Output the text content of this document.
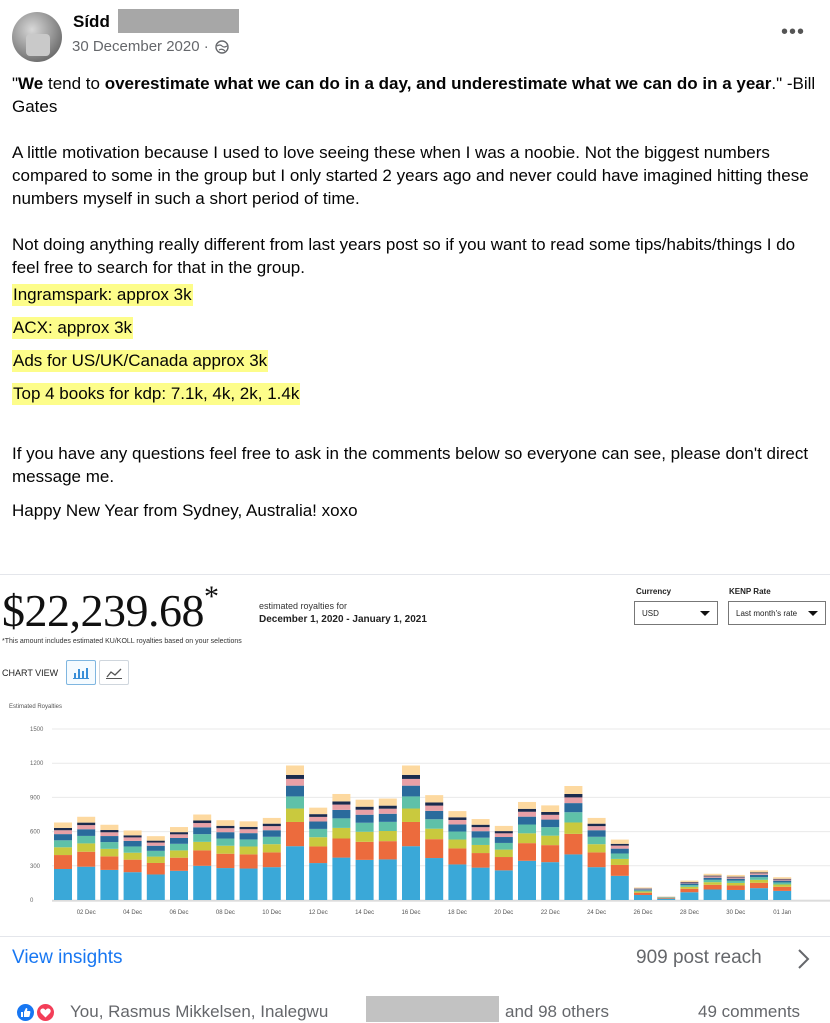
Sídd
30 December 2020 ·
•••
"We tend to overestimate what we can do in a day, and underestimate what we can do in a year." -Bill Gates
A little motivation because I used to love seeing these when I was a noobie. Not the biggest numbers compared to some in the group but I only started 2 years ago and never could have imagined hitting these numbers myself in such a short period of time.
Not doing anything really different from last years post so if you want to read some tips/habits/things I do feel free to search for that in the group.
Ingramspark: approx 3k
ACX: approx 3k
Ads for US/UK/Canada approx 3k
Top 4 books for kdp: 7.1k, 4k, 2k, 1.4k
If you have any questions feel free to ask in the comments below so everyone can see, please don't direct message me.
Happy New Year from Sydney, Australia! xoxo
$22,239.68*	estimated royalties for
December 1, 2020 - January 1, 2021
*This amount includes estimated KU/KOLL royalties based on your selections
Currency
USD
KENP Rate
Last month's rate
CHART VIEW
Estimated Royalties
0
300
600
900
1200
1500
02 Dec	04 Dec	06 Dec	08 Dec	10 Dec	12 Dec	14 Dec	16 Dec	18 Dec	20 Dec	22 Dec	24 Dec	26 Dec	28 Dec	30 Dec	01 Jan
View insights	909 post reach
You, Rasmus Mikkelsen, Inalegwu	and 98 others	49 comments
